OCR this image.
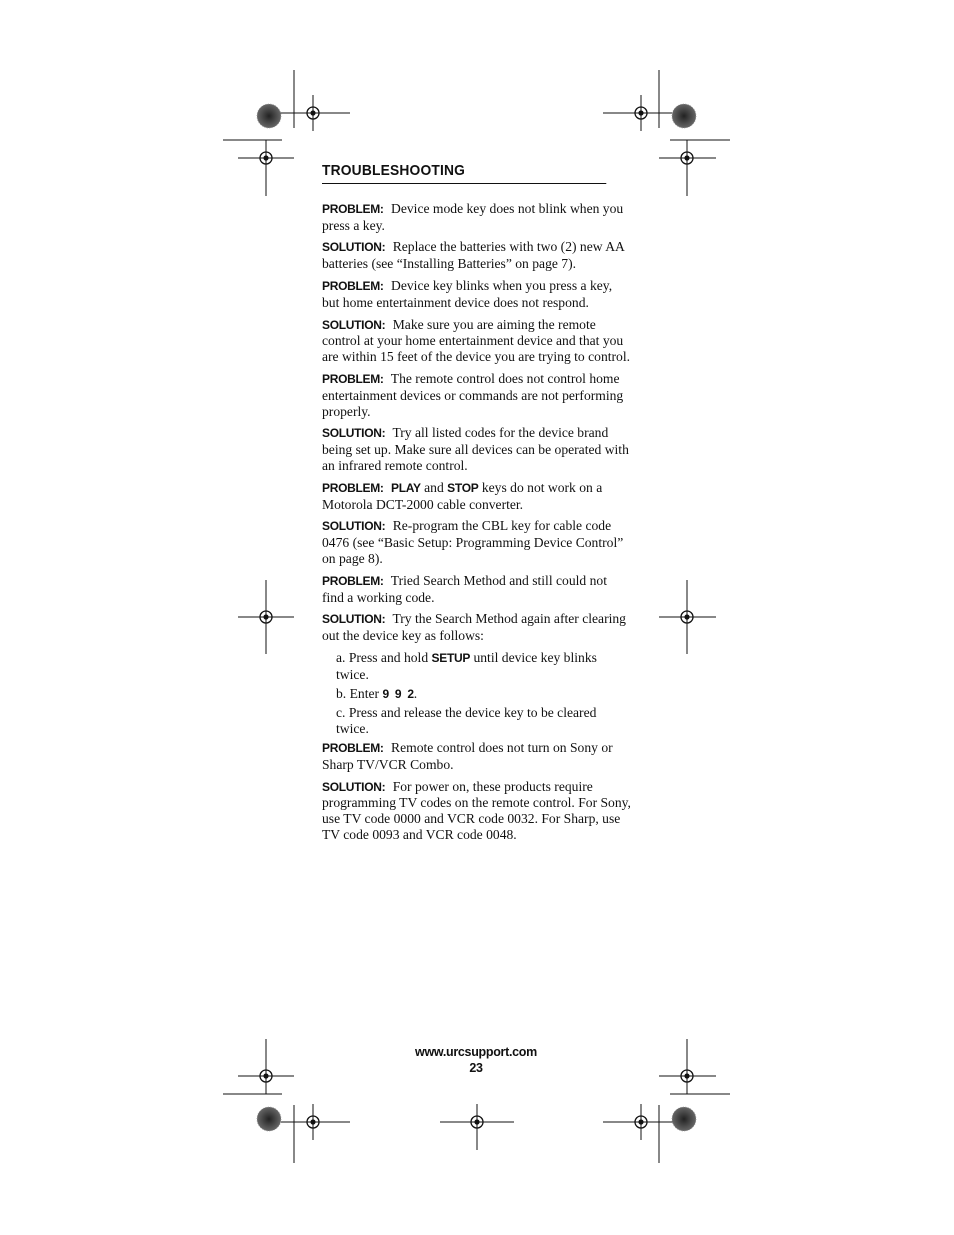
TROUBLESHOOTING

PROBLEM: Device mode key does not blink when you press a key.

SOLUTION: Replace the batteries with two (2) new AA batteries (see “Installing Batteries” on page 7).

PROBLEM: Device key blinks when you press a key, but home entertainment device does not respond.

SOLUTION: Make sure you are aiming the remote control at your home entertainment device and that you are within 15 feet of the device you are trying to control.

PROBLEM: The remote control does not control home entertainment devices or commands are not performing properly.

SOLUTION: Try all listed codes for the device brand being set up. Make sure all devices can be operated with an infrared remote control.

PROBLEM: PLAY and STOP keys do not work on a Motorola DCT-2000 cable converter.

SOLUTION: Re-program the CBL key for cable code 0476 (see “Basic Setup: Programming Device Control” on page 8).

PROBLEM: Tried Search Method and still could not find a working code.

SOLUTION: Try the Search Method again after clearing out the device key as follows:

a. Press and hold SETUP until device key blinks twice.

b. Enter 9  9  2.

c. Press and release the device key to be cleared twice.

PROBLEM: Remote control does not turn on Sony or Sharp TV/VCR Combo.

SOLUTION: For power on, these products require programming TV codes on the remote control. For Sony, use TV code 0000 and VCR code 0032. For Sharp, use TV code 0093 and VCR code 0048.

www.urcsupport.com
23
